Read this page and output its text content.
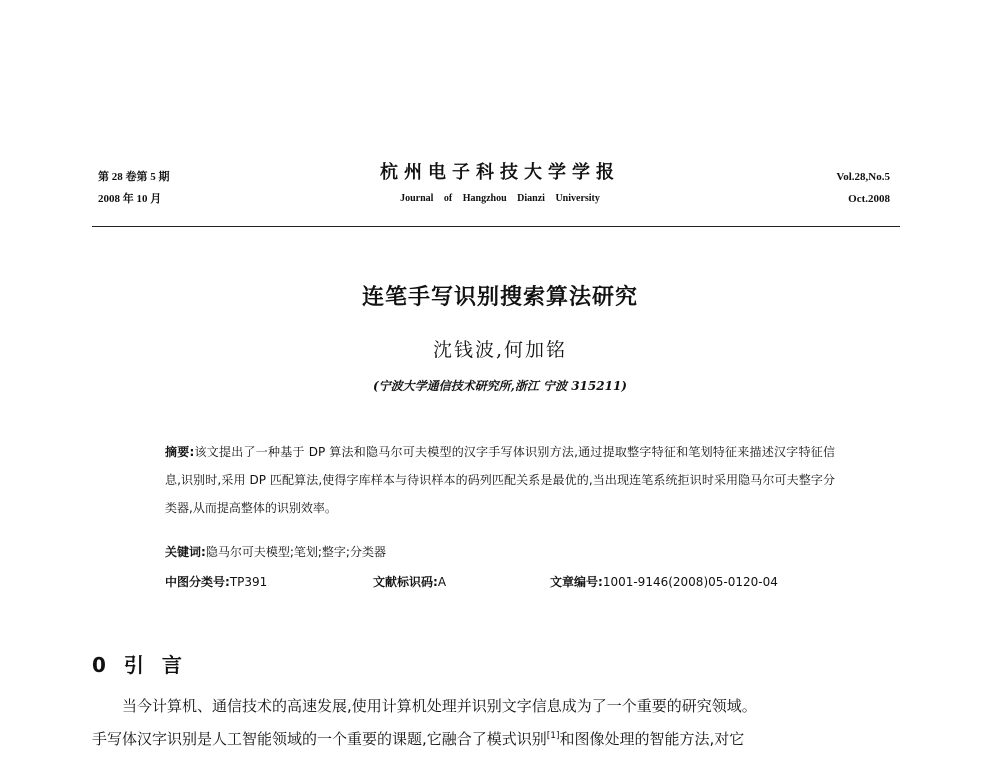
第 28 卷第 5 期
2008 年 10 月
杭州电子科技大学学报
Journal of Hangzhou Dianzi University
Vol.28,No.5
Oct.2008
连笔手写识别搜索算法研究
沈钱波,何加铭
(宁波大学通信技术研究所,浙江 宁波 315211)

摘要:该文提出了一种基于 DP 算法和隐马尔可夫模型的汉字手写体识别方法,通过提取整字特征和笔划特征来描述汉字特征信息,识别时,采用 DP 匹配算法,使得字库样本与待识样本的码列匹配关系是最优的,当出现连笔系统拒识时采用隐马尔可夫整字分类器,从而提高整体的识别效率。

关键词:隐马尔可夫模型;笔划;整字;分类器
中图分类号:TP391	文献标识码:A	文章编号:1001-9146(2008)05-0120-04
0 引言

当今计算机、通信技术的高速发展,使用计算机处理并识别文字信息成为了一个重要的研究领域。

手写体汉字识别是人工智能领域的一个重要的课题,它融合了模式识别[1]和图像处理的智能方法,对它
